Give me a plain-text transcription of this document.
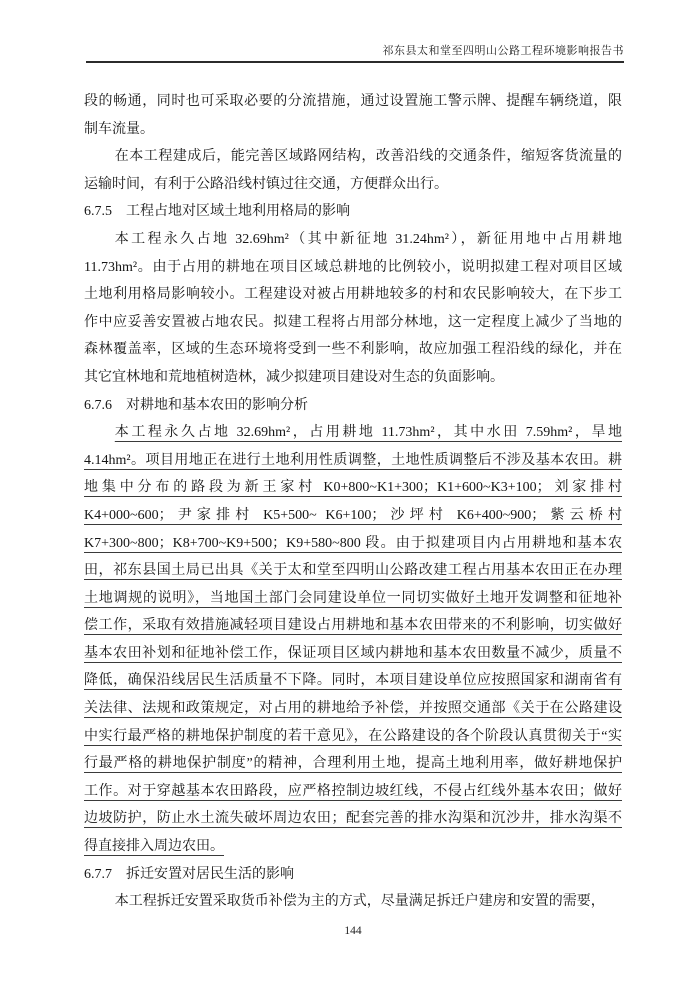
祁东县太和堂至四明山公路工程环境影响报告书
段的畅通，同时也可采取必要的分流措施，通过设置施工警示牌、提醒车辆绕道，限
制车流量。
在本工程建成后，能完善区域路网结构，改善沿线的交通条件，缩短客货流量的
运输时间，有利于公路沿线村镇过往交通，方便群众出行。
6.7.5　工程占地对区域土地利用格局的影响
本工程永久占地 32.69hm²（其中新征地 31.24hm²），新征用地中占用耕地
11.73hm²。由于占用的耕地在项目区域总耕地的比例较小，说明拟建工程对项目区域
土地利用格局影响较小。工程建设对被占用耕地较多的村和农民影响较大，在下步工
作中应妥善安置被占地农民。拟建工程将占用部分林地，这一定程度上减少了当地的
森林覆盖率，区域的生态环境将受到一些不利影响，故应加强工程沿线的绿化，并在
其它宜林地和荒地植树造林，减少拟建项目建设对生态的负面影响。
6.7.6　对耕地和基本农田的影响分析
本工程永久占地 32.69hm²，占用耕地 11.73hm²，其中水田 7.59hm²，旱地
4.14hm²。项目用地正在进行土地利用性质调整，土地性质调整后不涉及基本农田。耕
地集中分布的路段为新王家村 K0+800~K1+300；K1+600~K3+100；刘家排村
K4+000~600；尹家排村 K5+500~ K6+100；沙坪村 K6+400~900；紫云桥村
K7+300~800；K8+700~K9+500；K9+580~800 段。由于拟建项目内占用耕地和基本农
田，祁东县国土局已出具《关于太和堂至四明山公路改建工程占用基本农田正在办理
土地调规的说明》，当地国土部门会同建设单位一同切实做好土地开发调整和征地补
偿工作，采取有效措施减轻项目建设占用耕地和基本农田带来的不利影响，切实做好
基本农田补划和征地补偿工作，保证项目区域内耕地和基本农田数量不减少，质量不
降低，确保沿线居民生活质量不下降。同时，本项目建设单位应按照国家和湖南省有
关法律、法规和政策规定，对占用的耕地给予补偿，并按照交通部《关于在公路建设
中实行最严格的耕地保护制度的若干意见》，在公路建设的各个阶段认真贯彻关于“实
行最严格的耕地保护制度”的精神，合理利用土地，提高土地利用率，做好耕地保护
工作。对于穿越基本农田路段，应严格控制边坡红线，不侵占红线外基本农田；做好
边坡防护，防止水土流失破坏周边农田；配套完善的排水沟渠和沉沙井，排水沟渠不
得直接排入周边农田。
6.7.7　拆迁安置对居民生活的影响
本工程拆迁安置采取货币补偿为主的方式，尽量满足拆迁户建房和安置的需要，
144
